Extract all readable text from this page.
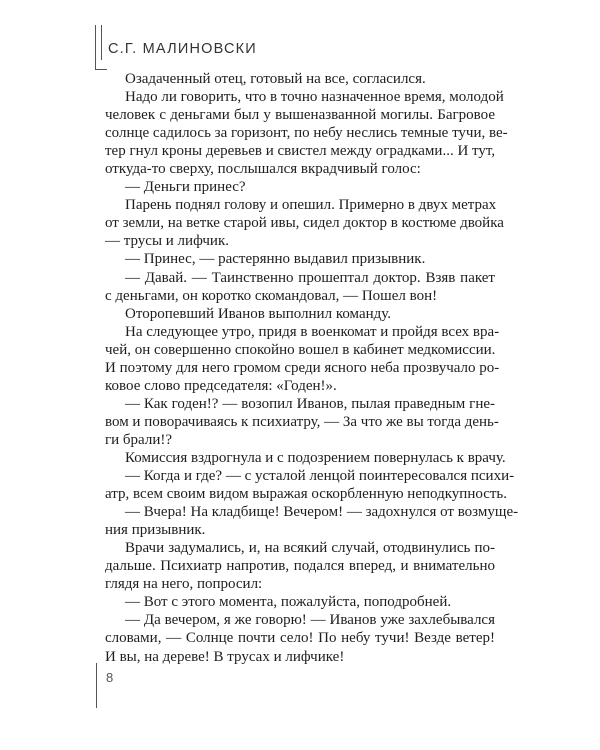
С.Г. МАЛИНОВСКИ
Озадаченный отец, готовый на все, согласился.
Надо ли говорить, что в точно назначенное время, молодой
человек с деньгами был у вышеназванной могилы. Багровое
солнце садилось за горизонт, по небу неслись темные тучи, ве-
тер гнул кроны деревьев и свистел между оградками... И тут,
откуда-то сверху, послышался вкрадчивый голос:
— Деньги принес?
Парень поднял голову и опешил. Примерно в двух метрах
от земли, на ветке старой ивы, сидел доктор в костюме двойка
— трусы и лифчик.
— Принес, — растерянно выдавил призывник.
— Давай. — Таинственно прошептал доктор. Взяв пакет
с деньгами, он коротко скомандовал, — Пошел вон!
Оторопевший Иванов выполнил команду.
На следующее утро, придя в военкомат и пройдя всех вра-
чей, он совершенно спокойно вошел в кабинет медкомиссии.
И поэтому для него громом среди ясного неба прозвучало ро-
ковое слово председателя: «Годен!».
— Как годен!? — возопил Иванов, пылая праведным гне-
вом и поворачиваясь к психиатру, — За что же вы тогда день-
ги брали!?
Комиссия вздрогнула и с подозрением повернулась к врачу.
— Когда и где? — с усталой ленцой поинтересовался психи-
атр, всем своим видом выражая оскорбленную неподкупность.
— Вчера! На кладбище! Вечером! — задохнулся от возмуще-
ния призывник.
Врачи задумались, и, на всякий случай, отодвинулись по-
дальше. Психиатр напротив, подался вперед, и внимательно
глядя на него, попросил:
— Вот с этого момента, пожалуйста, поподробней.
— Да вечером, я же говорю! — Иванов уже захлебывался
словами, — Солнце почти село! По небу тучи! Везде ветер!
И вы, на дереве! В трусах и лифчике!
8
